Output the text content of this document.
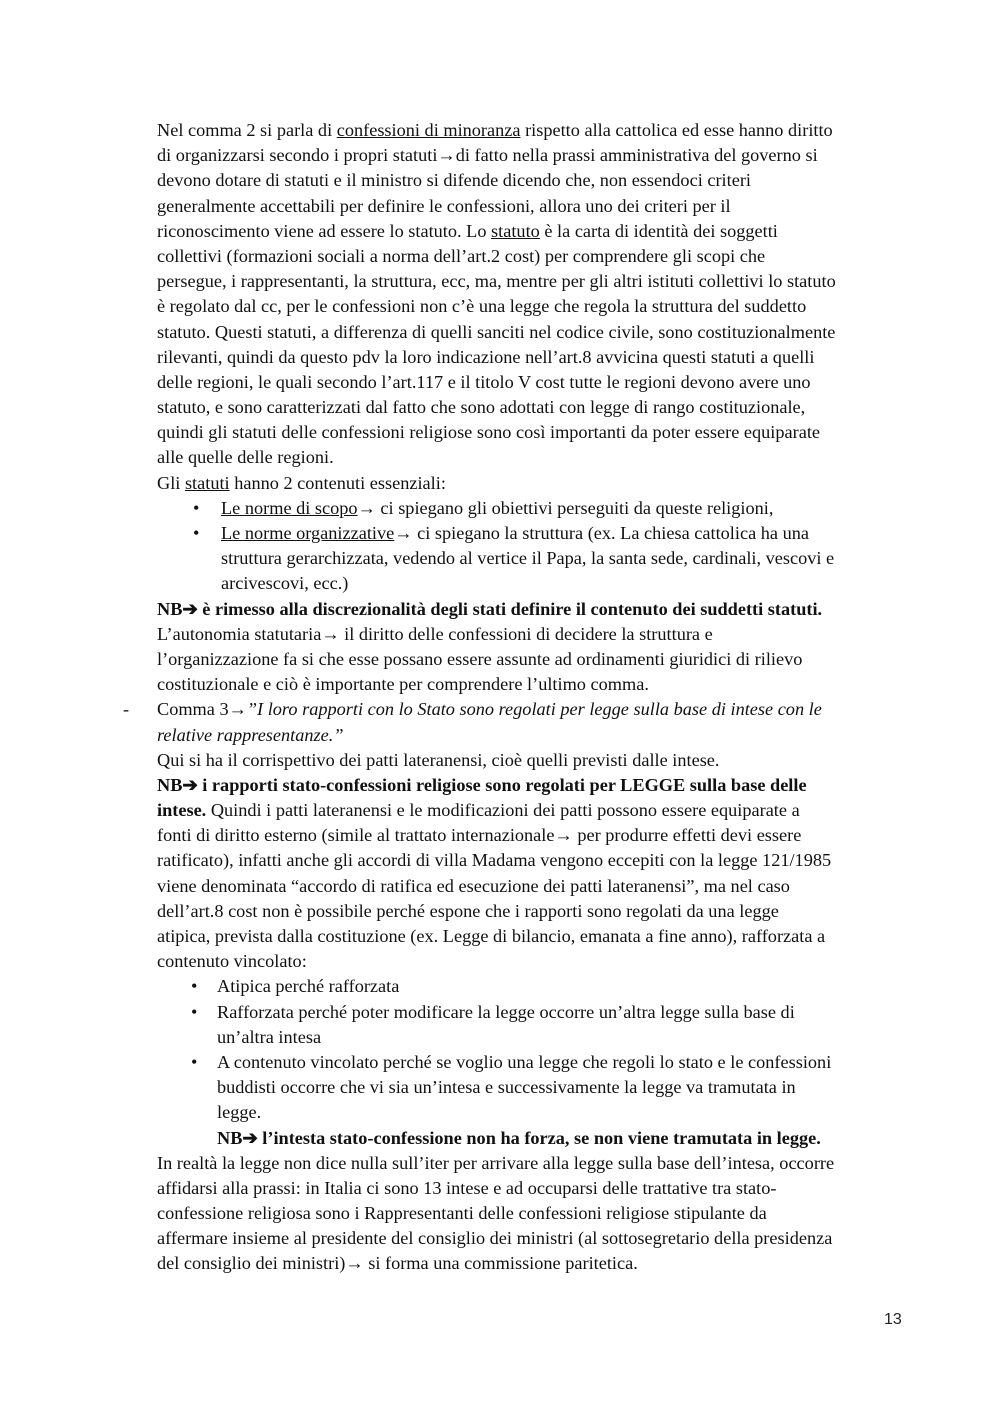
Nel comma 2 si parla di confessioni di minoranza rispetto alla cattolica ed esse hanno diritto
di organizzarsi secondo i propri statuti→di fatto nella prassi amministrativa del governo si
devono dotare di statuti e il ministro si difende dicendo che, non essendoci criteri
generalmente accettabili per definire le confessioni, allora uno dei criteri per il
riconoscimento viene ad essere lo statuto. Lo statuto è la carta di identità dei soggetti
collettivi (formazioni sociali a norma dell’art.2 cost) per comprendere gli scopi che
persegue, i rappresentanti, la struttura, ecc, ma, mentre per gli altri istituti collettivi lo statuto
è regolato dal cc, per le confessioni non c’è una legge che regola la struttura del suddetto
statuto. Questi statuti, a differenza di quelli sanciti nel codice civile, sono costituzionalmente
rilevanti, quindi da questo pdv la loro indicazione nell’art.8 avvicina questi statuti a quelli
delle regioni, le quali secondo l’art.117 e il titolo V cost tutte le regioni devono avere uno
statuto, e sono caratterizzati dal fatto che sono adottati con legge di rango costituzionale,
quindi gli statuti delle confessioni religiose sono così importanti da poter essere equiparate
alle quelle delle regioni.
Gli statuti hanno 2 contenuti essenziali:
• Le norme di scopo→ ci spiegano gli obiettivi perseguiti da queste religioni,
• Le norme organizzative→ ci spiegano la struttura (ex. La chiesa cattolica ha una
struttura gerarchizzata, vedendo al vertice il Papa, la santa sede, cardinali, vescovi e
arcivescovi, ecc.)
NB➔ è rimesso alla discrezionalità degli stati definire il contenuto dei suddetti statuti.
L’autonomia statutaria→ il diritto delle confessioni di decidere la struttura e
l’organizzazione fa si che esse possano essere assunte ad ordinamenti giuridici di rilievo
costituzionale e ciò è importante per comprendere l’ultimo comma.
- Comma 3→”I loro rapporti con lo Stato sono regolati per legge sulla base di intese con le
relative rappresentanze.”
Qui si ha il corrispettivo dei patti lateranensi, cioè quelli previsti dalle intese.
NB➔ i rapporti stato-confessioni religiose sono regolati per LEGGE sulla base delle
intese. Quindi i patti lateranensi e le modificazioni dei patti possono essere equiparate a
fonti di diritto esterno (simile al trattato internazionale→ per produrre effetti devi essere
ratificato), infatti anche gli accordi di villa Madama vengono eccepiti con la legge 121/1985
viene denominata “accordo di ratifica ed esecuzione dei patti lateranensi”, ma nel caso
dell’art.8 cost non è possibile perché espone che i rapporti sono regolati da una legge
atipica, prevista dalla costituzione (ex. Legge di bilancio, emanata a fine anno), rafforzata a
contenuto vincolato:
• Atipica perché rafforzata
• Rafforzata perché poter modificare la legge occorre un’altra legge sulla base di
un’altra intesa
• A contenuto vincolato perché se voglio una legge che regoli lo stato e le confessioni
buddisti occorre che vi sia un’intesa e successivamente la legge va tramutata in
legge.
NB➔ l’intesta stato-confessione non ha forza, se non viene tramutata in legge.
In realtà la legge non dice nulla sull’iter per arrivare alla legge sulla base dell’intesa, occorre
affidarsi alla prassi: in Italia ci sono 13 intese e ad occuparsi delle trattative tra stato-
confessione religiosa sono i Rappresentanti delle confessioni religiose stipulante da
affermare insieme al presidente del consiglio dei ministri (al sottosegretario della presidenza
del consiglio dei ministri)→ si forma una commissione paritetica.
13
